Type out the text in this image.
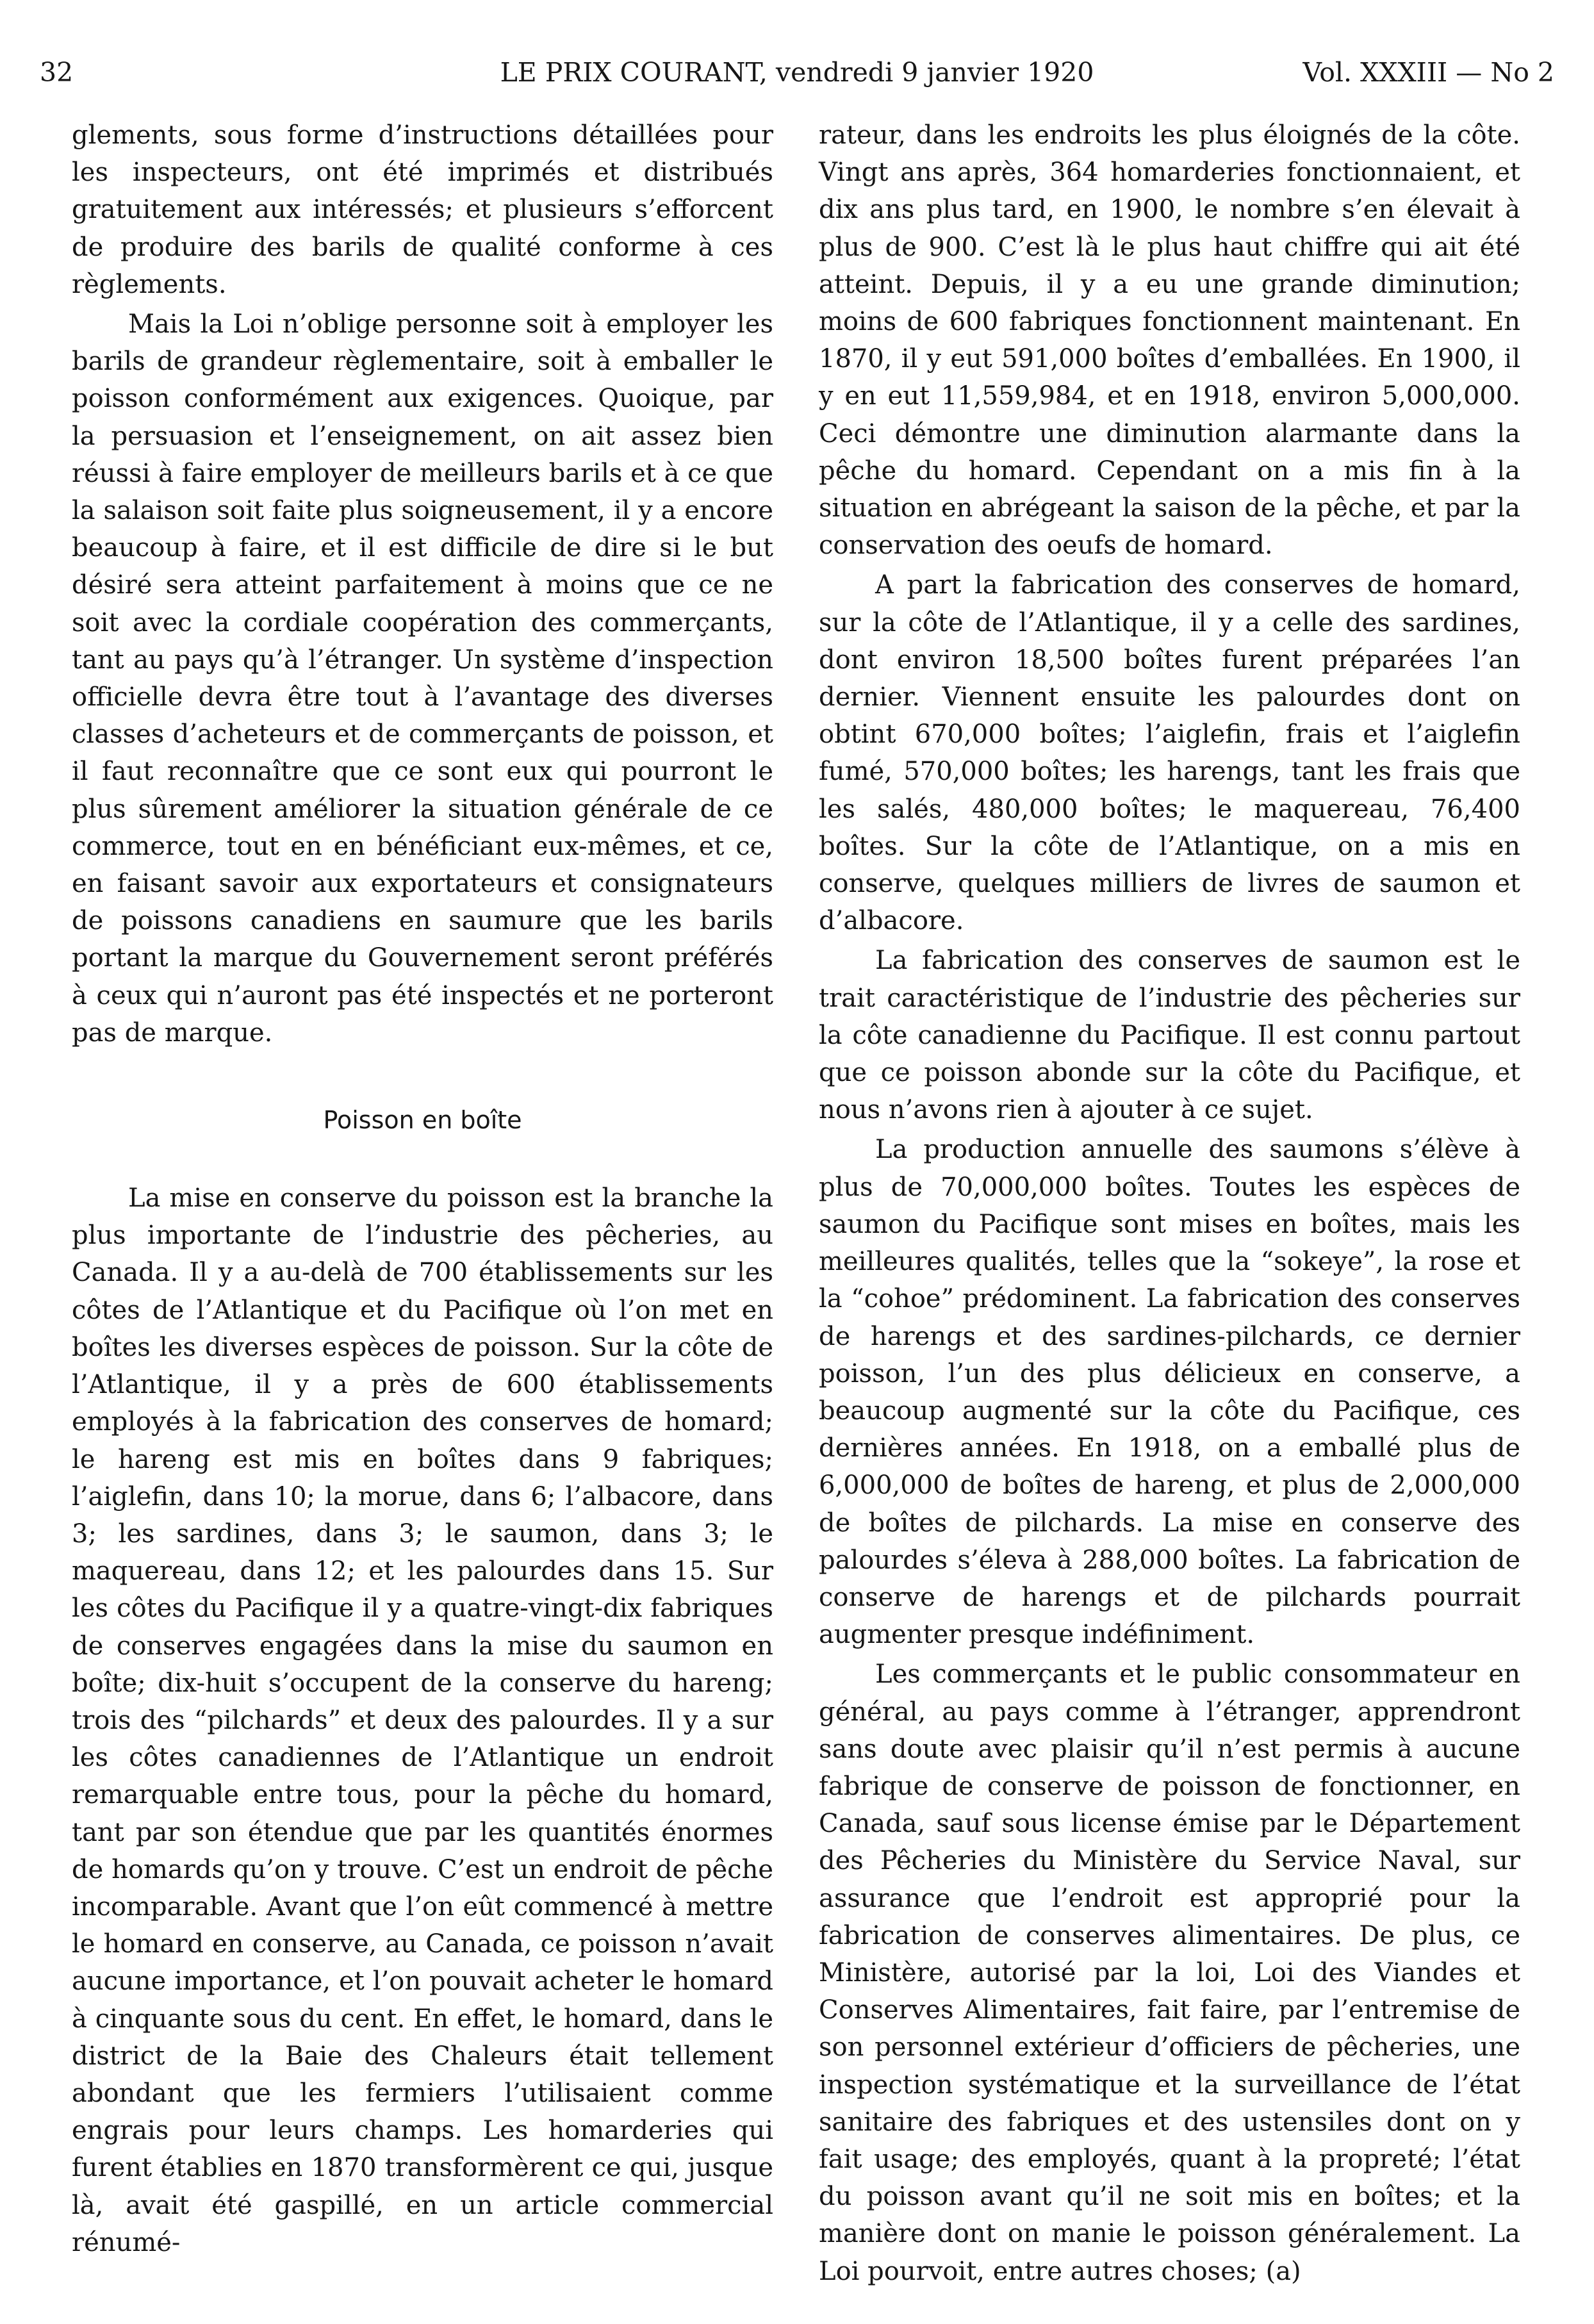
32	LE PRIX COURANT, vendredi 9 janvier 1920	Vol. XXXIII — No 2

glements, sous forme d’instructions détaillées pour les inspecteurs, ont été imprimés et distribués gratuitement aux intéressés; et plusieurs s’efforcent de produire des barils de qualité conforme à ces règlements.

Mais la Loi n’oblige personne soit à employer les barils de grandeur règlementaire, soit à emballer le poisson conformément aux exigences. Quoique, par la persuasion et l’enseignement, on ait assez bien réussi à faire employer de meilleurs barils et à ce que la salaison soit faite plus soigneusement, il y a encore beaucoup à faire, et il est difficile de dire si le but désiré sera atteint parfaitement à moins que ce ne soit avec la cordiale coopération des commerçants, tant au pays qu’à l’étranger. Un système d’inspection officielle devra être tout à l’avantage des diverses classes d’acheteurs et de commerçants de poisson, et il faut reconnaître que ce sont eux qui pourront le plus sûrement améliorer la situation générale de ce commerce, tout en en bénéficiant eux-mêmes, et ce, en faisant savoir aux exportateurs et consignateurs de poissons canadiens en saumure que les barils portant la marque du Gouvernement seront préférés à ceux qui n’auront pas été inspectés et ne porteront pas de marque.

Poisson en boîte

La mise en conserve du poisson est la branche la plus importante de l’industrie des pêcheries, au Canada. Il y a au-delà de 700 établissements sur les côtes de l’Atlantique et du Pacifique où l’on met en boîtes les diverses espèces de poisson. Sur la côte de l’Atlantique, il y a près de 600 établissements employés à la fabrication des conserves de homard; le hareng est mis en boîtes dans 9 fabriques; l’aiglefin, dans 10; la morue, dans 6; l’albacore, dans 3; les sardines, dans 3; le saumon, dans 3; le maquereau, dans 12; et les palourdes dans 15. Sur les côtes du Pacifique il y a quatre-vingt-dix fabriques de conserves engagées dans la mise du saumon en boîte; dix-huit s’occupent de la conserve du hareng; trois des “pilchards” et deux des palourdes. Il y a sur les côtes canadiennes de l’Atlantique un endroit remarquable entre tous, pour la pêche du homard, tant par son étendue que par les quantités énormes de homards qu’on y trouve. C’est un endroit de pêche incomparable. Avant que l’on eût commencé à mettre le homard en conserve, au Canada, ce poisson n’avait aucune importance, et l’on pouvait acheter le homard à cinquante sous du cent. En effet, le homard, dans le district de la Baie des Chaleurs était tellement abondant que les fermiers l’utilisaient comme engrais pour leurs champs. Les homarderies qui furent établies en 1870 transformèrent ce qui, jusque là, avait été gaspillé, en un article commercial rénumé-

rateur, dans les endroits les plus éloignés de la côte. Vingt ans après, 364 homarderies fonctionnaient, et dix ans plus tard, en 1900, le nombre s’en élevait à plus de 900. C’est là le plus haut chiffre qui ait été atteint. Depuis, il y a eu une grande diminution; moins de 600 fabriques fonctionnent maintenant. En 1870, il y eut 591,000 boîtes d’emballées. En 1900, il y en eut 11,559,984, et en 1918, environ 5,000,000. Ceci démontre une diminution alarmante dans la pêche du homard. Cependant on a mis fin à la situation en abrégeant la saison de la pêche, et par la conservation des oeufs de homard.

A part la fabrication des conserves de homard, sur la côte de l’Atlantique, il y a celle des sardines, dont environ 18,500 boîtes furent préparées l’an dernier. Viennent ensuite les palourdes dont on obtint 670,000 boîtes; l’aiglefin, frais et l’aiglefin fumé, 570,000 boîtes; les harengs, tant les frais que les salés, 480,000 boîtes; le maquereau, 76,400 boîtes. Sur la côte de l’Atlantique, on a mis en conserve, quelques milliers de livres de saumon et d’albacore.

La fabrication des conserves de saumon est le trait caractéristique de l’industrie des pêcheries sur la côte canadienne du Pacifique. Il est connu partout que ce poisson abonde sur la côte du Pacifique, et nous n’avons rien à ajouter à ce sujet.

La production annuelle des saumons s’élève à plus de 70,000,000 boîtes. Toutes les espèces de saumon du Pacifique sont mises en boîtes, mais les meilleures qualités, telles que la “sokeye”, la rose et la “cohoe” prédominent. La fabrication des conserves de harengs et des sardines-pilchards, ce dernier poisson, l’un des plus délicieux en conserve, a beaucoup augmenté sur la côte du Pacifique, ces dernières années. En 1918, on a emballé plus de 6,000,000 de boîtes de hareng, et plus de 2,000,000 de boîtes de pilchards. La mise en conserve des palourdes s’éleva à 288,000 boîtes. La fabrication de conserve de harengs et de pilchards pourrait augmenter presque indéfiniment.

Les commerçants et le public consommateur en général, au pays comme à l’étranger, apprendront sans doute avec plaisir qu’il n’est permis à aucune fabrique de conserve de poisson de fonctionner, en Canada, sauf sous license émise par le Département des Pêcheries du Ministère du Service Naval, sur assurance que l’endroit est approprié pour la fabrication de conserves alimentaires. De plus, ce Ministère, autorisé par la loi, Loi des Viandes et Conserves Alimentaires, fait faire, par l’entremise de son personnel extérieur d’officiers de pêcheries, une inspection systématique et la surveillance de l’état sanitaire des fabriques et des ustensiles dont on y fait usage; des employés, quant à la propreté; l’état du poisson avant qu’il ne soit mis en boîtes; et la manière dont on manie le poisson généralement. La Loi pourvoit, entre autres choses; (a)
